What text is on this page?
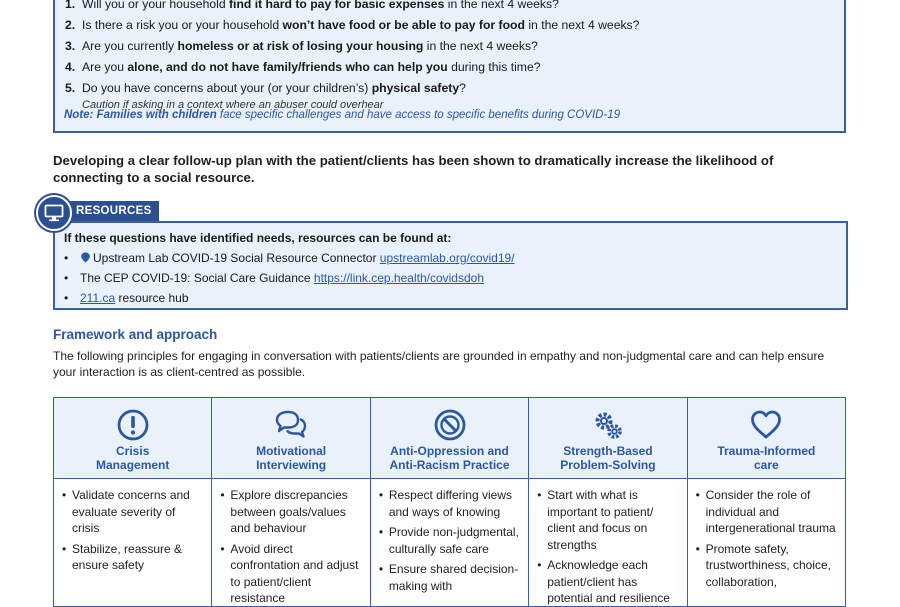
1. Will you or your household find it hard to pay for basic expenses in the next 4 weeks?
2. Is there a risk you or your household won’t have food or be able to pay for food in the next 4 weeks?
3. Are you currently homeless or at risk of losing your housing in the next 4 weeks?
4. Are you alone, and do not have family/friends who can help you during this time?
5. Do you have concerns about your (or your children’s) physical safety?
Caution if asking in a context where an abuser could overhear
Note: Families with children face specific challenges and have access to specific benefits during COVID-19
Developing a clear follow-up plan with the patient/clients has been shown to dramatically increase the likelihood of connecting to a social resource.
RESOURCES
If these questions have identified needs, resources can be found at:
• Upstream Lab COVID-19 Social Resource Connector upstreamlab.org/covid19/
• The CEP COVID-19: Social Care Guidance https://link.cep.health/covidsdoh
• 211.ca resource hub
Framework and approach
The following principles for engaging in conversation with patients/clients are grounded in empathy and non-judgmental care and can help ensure your interaction is as client-centred as possible.
Crisis
Management
• Validate concerns and evaluate severity of crisis
• Stabilize, reassure & ensure safety
Motivational
Interviewing
• Explore discrepancies between goals/values and behaviour
• Avoid direct confrontation and adjust to patient/client resistance
Anti-Oppression and
Anti-Racism Practice
• Respect differing views and ways of knowing
• Provide non-judgmental, culturally safe care
• Ensure shared decision-making with
Strength-Based
Problem-Solving
• Start with what is important to patient/ client and focus on strengths
• Acknowledge each patient/client has potential and resilience
Trauma-Informed
care
• Consider the role of individual and intergenerational trauma
• Promote safety, trustworthiness, choice, collaboration,
